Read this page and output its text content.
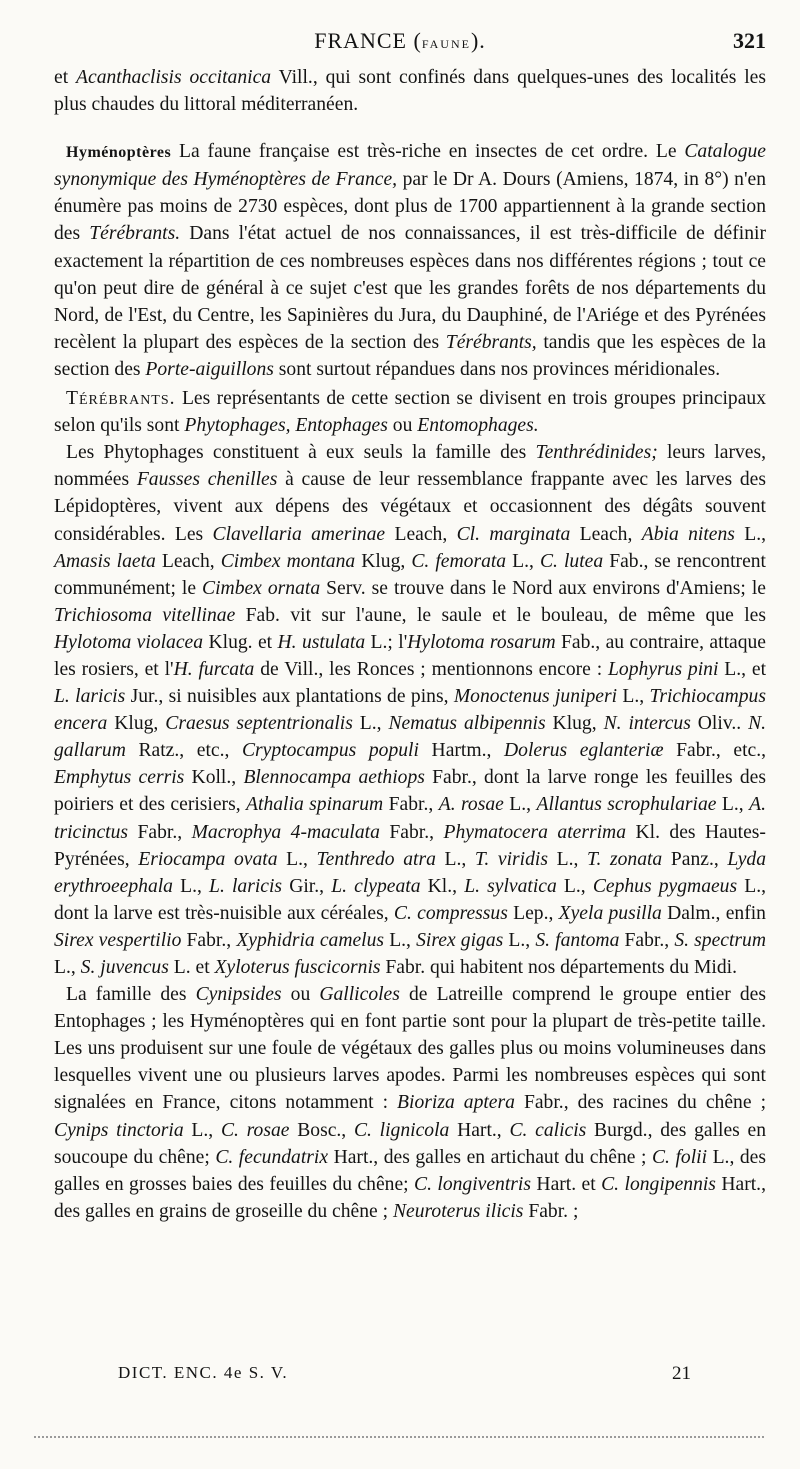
FRANCE (faune).	321

et Acanthaclisis occitanica Vill., qui sont confinés dans quelques-unes des localités les plus chaudes du littoral méditerranéen.

Hyménoptères La faune française est très-riche en insectes de cet ordre. Le Catalogue synonymique des Hyménoptères de France, par le Dr A. Dours (Amiens, 1874, in 8°) n'en énumère pas moins de 2730 espèces, dont plus de 1700 appartiennent à la grande section des Térébrants. Dans l'état actuel de nos connaissances, il est très-difficile de définir exactement la répartition de ces nombreuses espèces dans nos différentes régions ; tout ce qu'on peut dire de général à ce sujet c'est que les grandes forêts de nos départements du Nord, de l'Est, du Centre, les Sapinières du Jura, du Dauphiné, de l'Ariége et des Pyrénées recèlent la plupart des espèces de la section des Térébrants, tandis que les espèces de la section des Porte-aiguillons sont surtout répandues dans nos provinces méridionales.

Térébrants. Les représentants de cette section se divisent en trois groupes principaux selon qu'ils sont Phytophages, Entophages ou Entomophages.

Les Phytophages constituent à eux seuls la famille des Tenthrédinides; leurs larves, nommées Fausses chenilles à cause de leur ressemblance frappante avec les larves des Lépidoptères, vivent aux dépens des végétaux et occasionnent des dégâts souvent considérables. Les Clavellaria amerinae Leach, Cl. marginata Leach, Abia nitens L., Amasis laeta Leach, Cimbex montana Klug, C. femorata L., C. lutea Fab., se rencontrent communément; le Cimbex ornata Serv. se trouve dans le Nord aux environs d'Amiens; le Trichiosoma vitellinae Fab. vit sur l'aune, le saule et le bouleau, de même que les Hylotoma violacea Klug. et H. ustulata L.; l'Hylotoma rosarum Fab., au contraire, attaque les rosiers, et l'H. furcata de Vill., les Ronces ; mentionnons encore : Lophyrus pini L., et L. laricis Jur., si nuisibles aux plantations de pins, Monoctenus juniperi L., Trichiocampus encera Klug, Craesus septentrionalis L., Nematus albipennis Klug, N. intercus Oliv.. N. gallarum Ratz., etc., Cryptocampus populi Hartm., Dolerus eglanteriæ Fabr., etc., Emphytus cerris Koll., Blennocampa aethiops Fabr., dont la larve ronge les feuilles des poiriers et des cerisiers, Athalia spinarum Fabr., A. rosae L., Allantus scrophulariae L., A. tricinctus Fabr., Macrophya 4-maculata Fabr., Phymatocera aterrima Kl. des Hautes-Pyrénées, Eriocampa ovata L., Tenthredo atra L., T. viridis L., T. zonata Panz., Lyda erythroeephala L., L. laricis Gir., L. clypeata Kl., L. sylvatica L., Cephus pygmaeus L., dont la larve est très-nuisible aux céréales, C. compressus Lep., Xyela pusilla Dalm., enfin Sirex vespertilio Fabr., Xyphidria camelus L., Sirex gigas L., S. fantoma Fabr., S. spectrum L., S. juvencus L. et Xyloterus fuscicornis Fabr. qui habitent nos départements du Midi.

La famille des Cynipsides ou Gallicoles de Latreille comprend le groupe entier des Entophages ; les Hyménoptères qui en font partie sont pour la plupart de très-petite taille. Les uns produisent sur une foule de végétaux des galles plus ou moins volumineuses dans lesquelles vivent une ou plusieurs larves apodes. Parmi les nombreuses espèces qui sont signalées en France, citons notamment : Bioriza aptera Fabr., des racines du chêne ; Cynips tinctoria L., C. rosae Bosc., C. lignicola Hart., C. calicis Burgd., des galles en soucoupe du chêne; C. fecundatrix Hart., des galles en artichaut du chêne ; C. folii L., des galles en grosses baies des feuilles du chêne; C. longiventris Hart. et C. longipennis Hart., des galles en grains de groseille du chêne ; Neuroterus ilicis Fabr. ;

DICT. ENC. 4e S. V.	21
